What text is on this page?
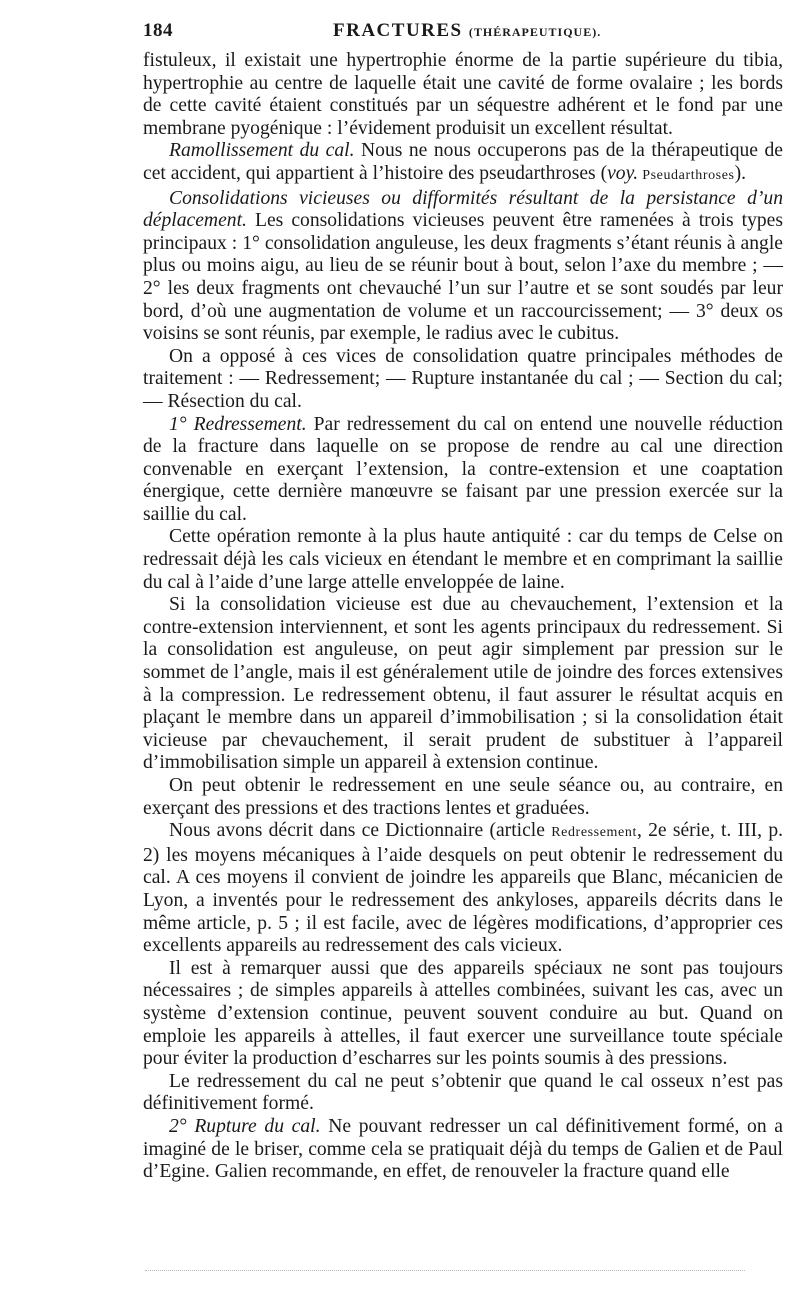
184	FRACTURES (THÉRAPEUTIQUE).

fistuleux, il existait une hypertrophie énorme de la partie supérieure du tibia, hypertrophie au centre de laquelle était une cavité de forme ovalaire ; les bords de cette cavité étaient constitués par un séquestre adhérent et le fond par une membrane pyogénique : l’évidement produisit un excellent résultat.

Ramollissement du cal. Nous ne nous occuperons pas de la thérapeutique de cet accident, qui appartient à l’histoire des pseudarthroses (voy. Pseudarthroses).

Consolidations vicieuses ou difformités résultant de la persistance d’un déplacement. Les consolidations vicieuses peuvent être ramenées à trois types principaux : 1° consolidation anguleuse, les deux fragments s’étant réunis à angle plus ou moins aigu, au lieu de se réunir bout à bout, selon l’axe du membre ; — 2° les deux fragments ont chevauché l’un sur l’autre et se sont soudés par leur bord, d’où une augmentation de volume et un raccourcissement; — 3° deux os voisins se sont réunis, par exemple, le radius avec le cubitus.

On a opposé à ces vices de consolidation quatre principales méthodes de traitement : — Redressement; — Rupture instantanée du cal ; — Section du cal; — Résection du cal.

1° Redressement. Par redressement du cal on entend une nouvelle réduction de la fracture dans laquelle on se propose de rendre au cal une direction convenable en exerçant l’extension, la contre-extension et une coaptation énergique, cette dernière manœuvre se faisant par une pression exercée sur la saillie du cal.

Cette opération remonte à la plus haute antiquité : car du temps de Celse on redressait déjà les cals vicieux en étendant le membre et en comprimant la saillie du cal à l’aide d’une large attelle enveloppée de laine.

Si la consolidation vicieuse est due au chevauchement, l’extension et la contre-extension interviennent, et sont les agents principaux du redressement. Si la consolidation est anguleuse, on peut agir simplement par pression sur le sommet de l’angle, mais il est généralement utile de joindre des forces extensives à la compression. Le redressement obtenu, il faut assurer le résultat acquis en plaçant le membre dans un appareil d’immobilisation ; si la consolidation était vicieuse par chevauchement, il serait prudent de substituer à l’appareil d’immobilisation simple un appareil à extension continue.

On peut obtenir le redressement en une seule séance ou, au contraire, en exerçant des pressions et des tractions lentes et graduées.

Nous avons décrit dans ce Dictionnaire (article Redressement, 2e série, t. III, p. 2) les moyens mécaniques à l’aide desquels on peut obtenir le redressement du cal. A ces moyens il convient de joindre les appareils que Blanc, mécanicien de Lyon, a inventés pour le redressement des ankyloses, appareils décrits dans le même article, p. 5 ; il est facile, avec de légères modifications, d’approprier ces excellents appareils au redressement des cals vicieux.

Il est à remarquer aussi que des appareils spéciaux ne sont pas toujours nécessaires ; de simples appareils à attelles combinées, suivant les cas, avec un système d’extension continue, peuvent souvent conduire au but. Quand on emploie les appareils à attelles, il faut exercer une surveillance toute spéciale pour éviter la production d’escharres sur les points soumis à des pressions.

Le redressement du cal ne peut s’obtenir que quand le cal osseux n’est pas définitivement formé.

2° Rupture du cal. Ne pouvant redresser un cal définitivement formé, on a imaginé de le briser, comme cela se pratiquait déjà du temps de Galien et de Paul d’Egine. Galien recommande, en effet, de renouveler la fracture quand elle
